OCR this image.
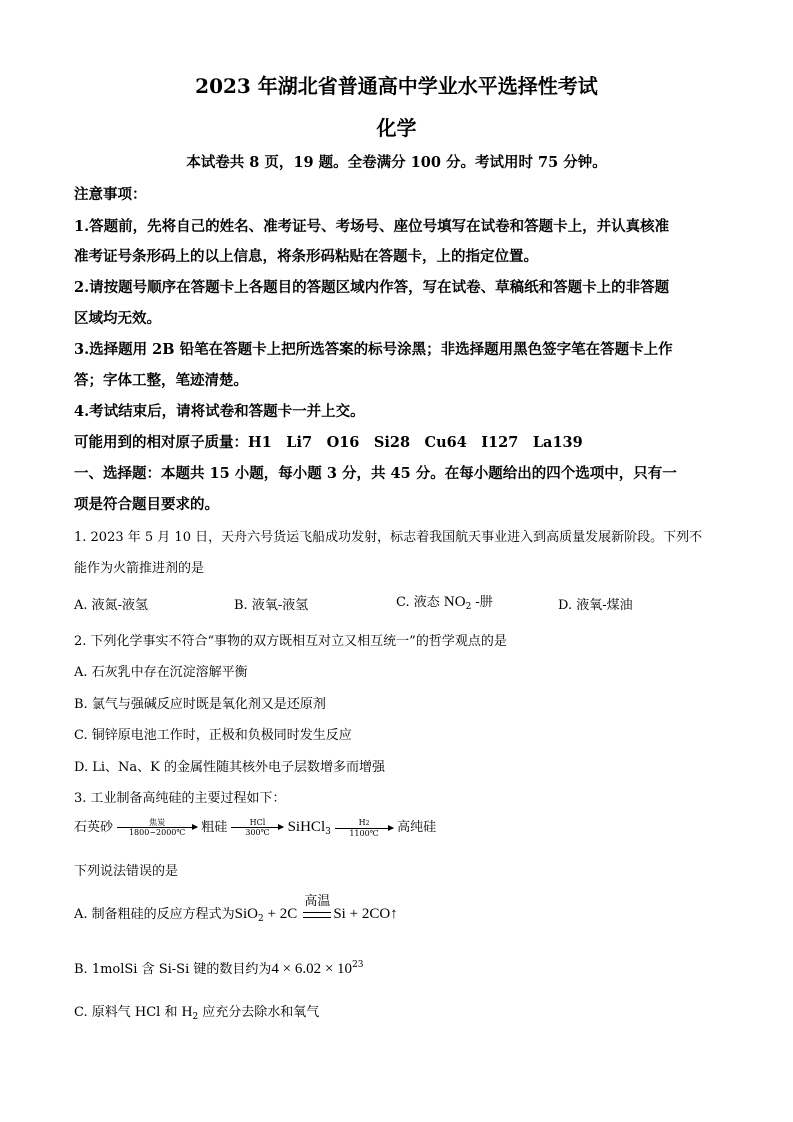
2023 年湖北省普通高中学业水平选择性考试
化学
本试卷共 8 页，19 题。全卷满分 100 分。考试用时 75 分钟。
注意事项：
1.答题前，先将自己的姓名、准考证号、考场号、座位号填写在试卷和答题卡上，并认真核准
准考证号条形码上的以上信息，将条形码粘贴在答题卡，上的指定位置。
2.请按题号顺序在答题卡上各题目的答题区域内作答，写在试卷、草稿纸和答题卡上的非答题
区域均无效。
3.选择题用 2B 铅笔在答题卡上把所选答案的标号涂黑；非选择题用黑色签字笔在答题卡上作
答；字体工整，笔迹清楚。
4.考试结束后，请将试卷和答题卡一并上交。
可能用到的相对原子质量：H1　Li7　O16　Si28　Cu64　I127　La139
一、选择题：本题共 15 小题，每小题 3 分，共 45 分。在每小题给出的四个选项中，只有一
项是符合题目要求的。
1. 2023 年 5 月 10 日，天舟六号货运飞船成功发射，标志着我国航天事业进入到高质量发展新阶段。下列不
能作为火箭推进剂的是
A. 液氮-液氢	B. 液氧-液氢	C. 液态 $NO_2$ -肼	D. 液氧-煤油
2. 下列化学事实不符合“事物的双方既相互对立又相互统一”的哲学观点的是
A. 石灰乳中存在沉淀溶解平衡
B. 氯气与强碱反应时既是氧化剂又是还原剂
C. 铜锌原电池工作时，正极和负极同时发生反应
D. Li、Na、K 的金属性随其核外电子层数增多而增强
3. 工业制备高纯硅的主要过程如下：
石英砂	焦炭
1800~2000℃	粗硅	HCl
300℃	SiHCl$_3$ $\frac{H2}{1100℃}$ 高纯硅
下列说法错误的是
A. 制备粗硅的反应方程式为SiO$_2$ + 2C
高温
Si + 2CO↑
B. 1molSi 含 Si-Si 键的数目约为$4 \times 6.02 \times 10^{23}$
C. 原料气 HCl 和 $H_2$ 应充分去除水和氧气
